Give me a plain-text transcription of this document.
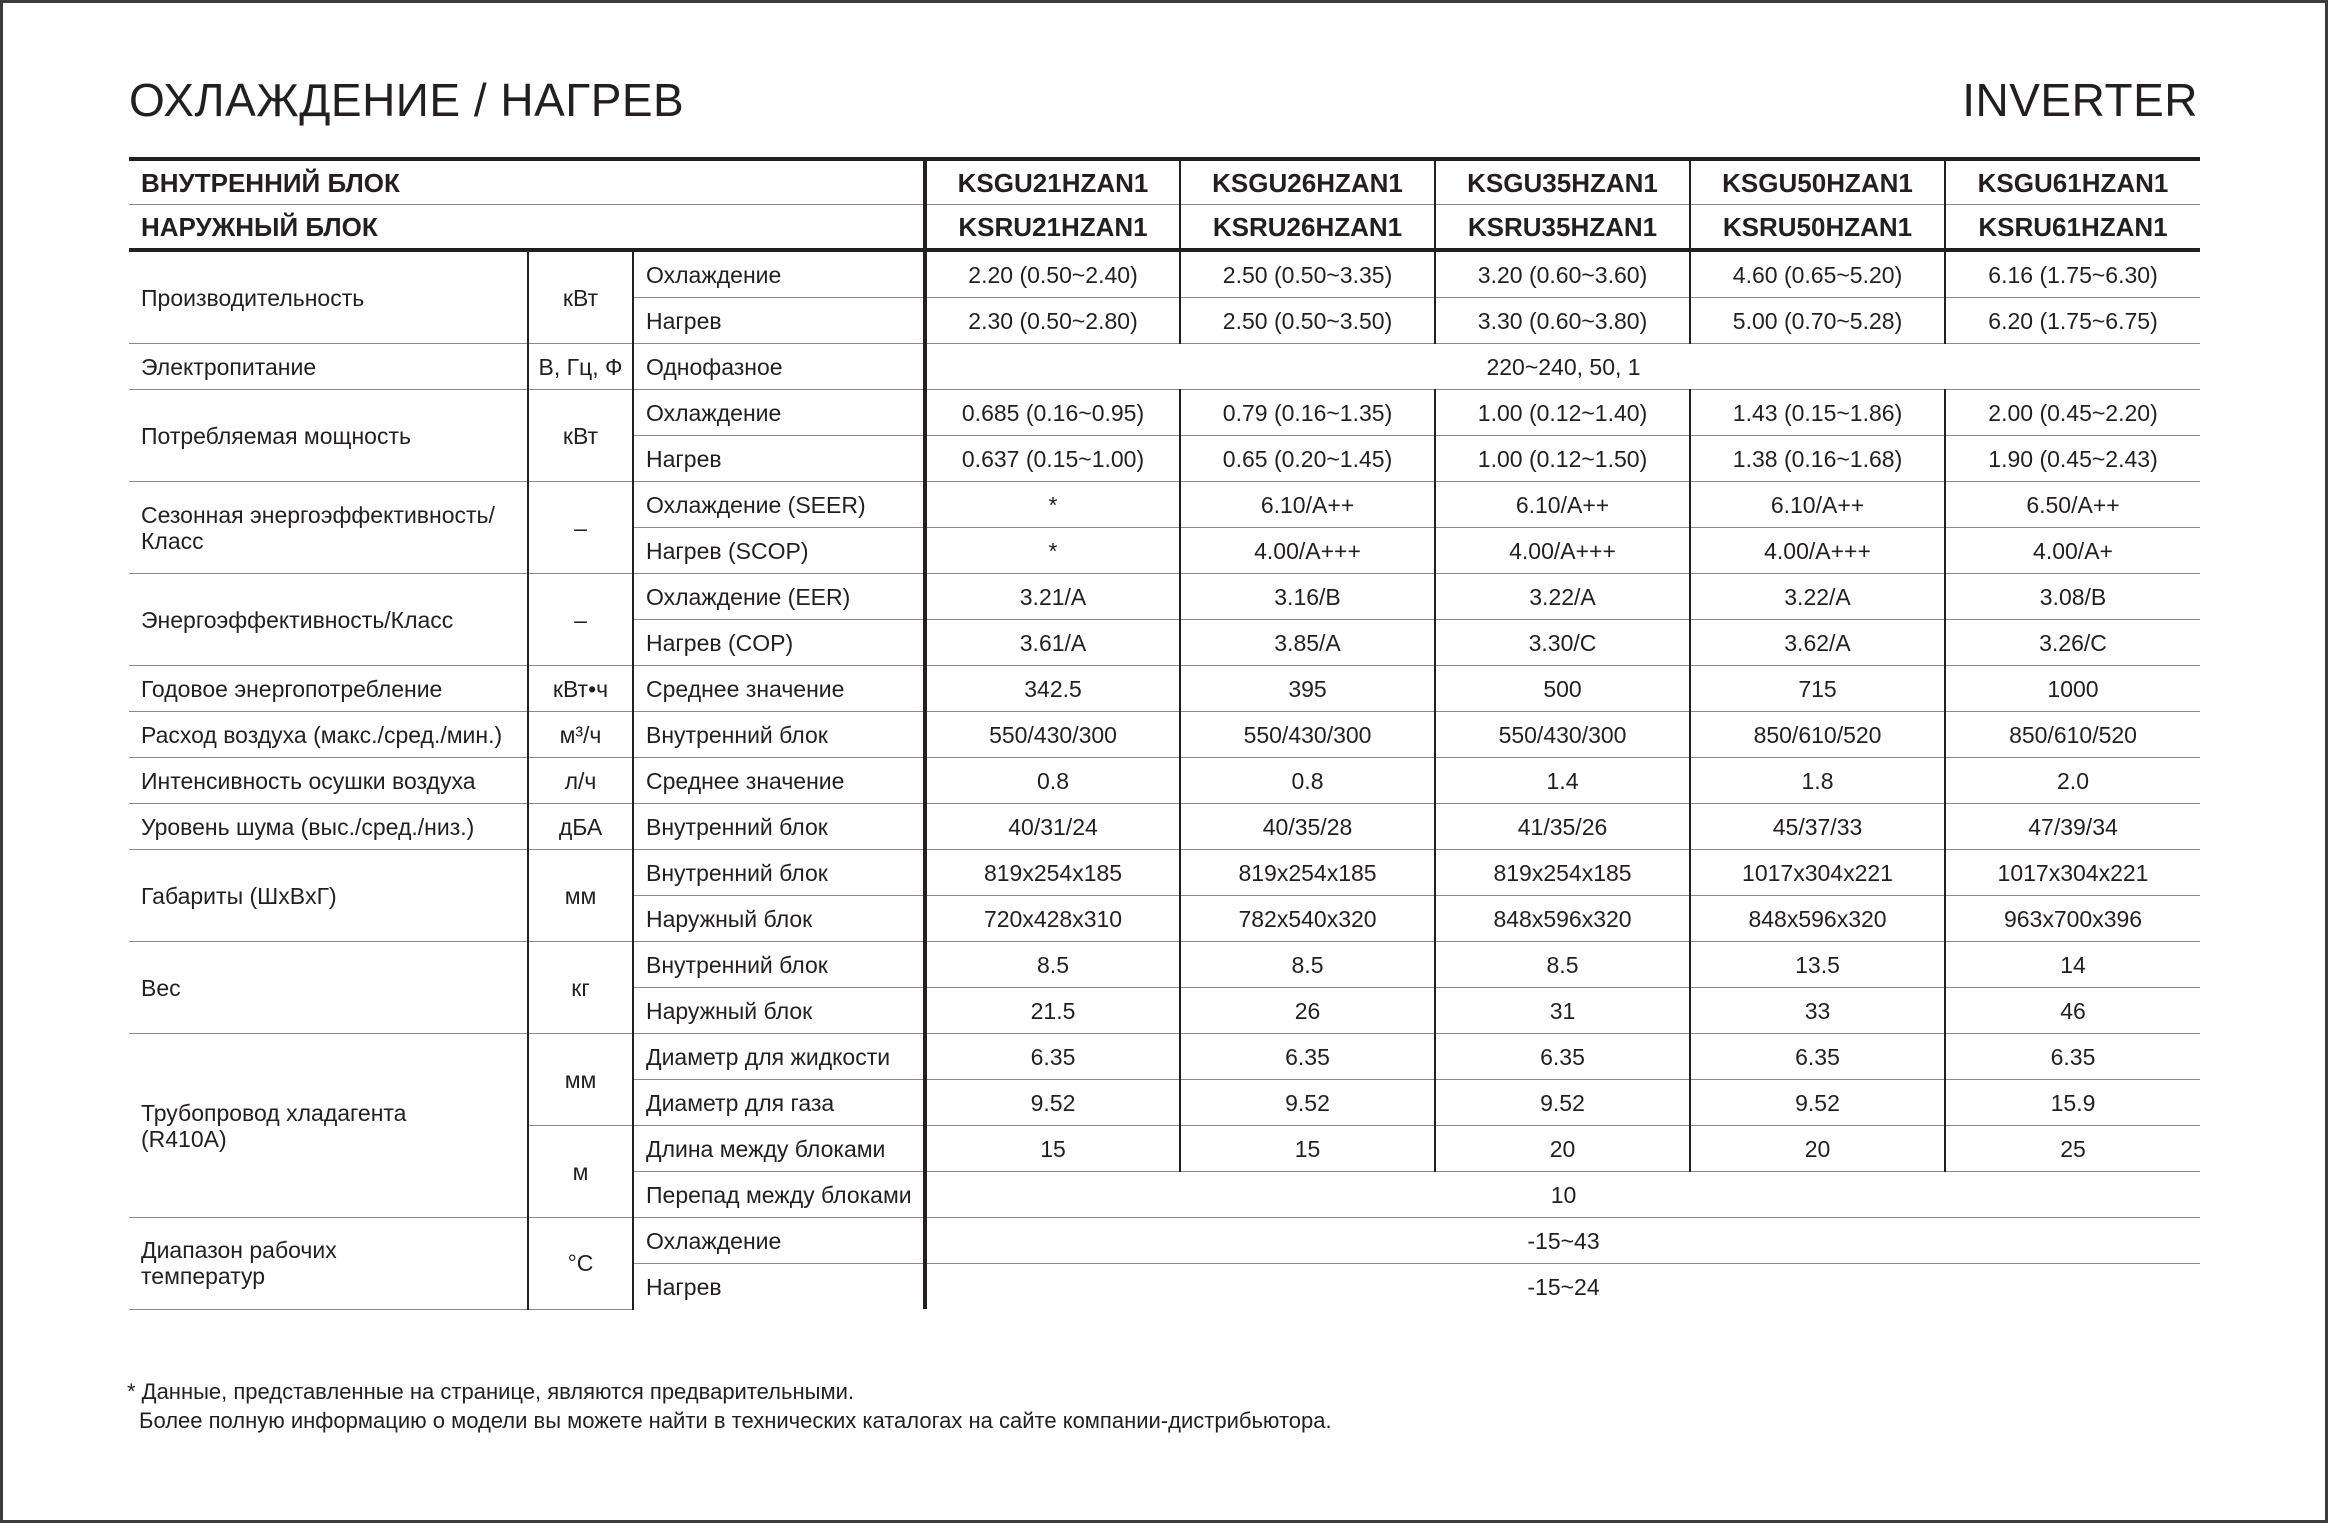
ОХЛАЖДЕНИЕ / НАГРЕВ	INVERTER
ВНУТРЕННИЙ БЛОК			KSGU21HZAN1	KSGU26HZAN1	KSGU35HZAN1	KSGU50HZAN1	KSGU61HZAN1
НАРУЖНЫЙ БЛОК			KSRU21HZAN1	KSRU26HZAN1	KSRU35HZAN1	KSRU50HZAN1	KSRU61HZAN1
Производительность	кВт	Охлаждение	2.20 (0.50~2.40)	2.50 (0.50~3.35)	3.20 (0.60~3.60)	4.60 (0.65~5.20)	6.16 (1.75~6.30)
		Нагрев	2.30 (0.50~2.80)	2.50 (0.50~3.50)	3.30 (0.60~3.80)	5.00 (0.70~5.28)	6.20 (1.75~6.75)
Электропитание	В, Гц, Ф	Однофазное	220~240, 50, 1				
Потребляемая мощность	кВт	Охлаждение	0.685 (0.16~0.95)	0.79 (0.16~1.35)	1.00 (0.12~1.40)	1.43 (0.15~1.86)	2.00 (0.45~2.20)
		Нагрев	0.637 (0.15~1.00)	0.65 (0.20~1.45)	1.00 (0.12~1.50)	1.38 (0.16~1.68)	1.90 (0.45~2.43)

Сезонная энергоэффективность/
Класс	–	Охлаждение (SEER)	*	6.10/A++	6.10/A++	6.10/A++	6.50/A++
		Нагрев (SCOP)	*	4.00/A+++	4.00/A+++	4.00/A+++	4.00/A+
Энергоэффективность/Класс	–	Охлаждение (EER)	3.21/A	3.16/B	3.22/A	3.22/A	3.08/B
		Нагрев (COP)	3.61/A	3.85/A	3.30/C	3.62/A	3.26/C
Годовое энергопотребление	кВт•ч	Среднее значение	342.5	395	500	715	1000
Расход воздуха (макс./сред./мин.)	м³/ч	Внутренний блок	550/430/300	550/430/300	550/430/300	850/610/520	850/610/520
Интенсивность осушки воздуха	л/ч	Среднее значение	0.8	0.8	1.4	1.8	2.0
Уровень шума (выс./сред./низ.)	дБА	Внутренний блок	40/31/24	40/35/28	41/35/26	45/37/33	47/39/34
Габариты (ШxВxГ)	мм	Внутренний блок	819x254x185	819x254x185	819x254x185	1017x304x221	1017x304x221
		Наружный блок	720x428x310	782x540x320	848x596x320	848x596x320	963x700x396
Вес	кг	Внутренний блок	8.5	8.5	8.5	13.5	14
		Наружный блок	21.5	26	31	33	46

Трубопровод хладагента
(R410A)	мм	Диаметр для жидкости	6.35	6.35	6.35	6.35	6.35
		Диаметр для газа	9.52	9.52	9.52	9.52	15.9
	м	Длина между блоками	15	15	20	20	25
		Перепад между блоками	10				

Диапазон рабочих
температур	°C	Охлаждение	-15~43				
		Нагрев	-15~24				
* Данные, представленные на странице, являются предварительными.
Более полную информацию о модели вы можете найти в технических каталогах на сайте компании-дистрибьютора.
